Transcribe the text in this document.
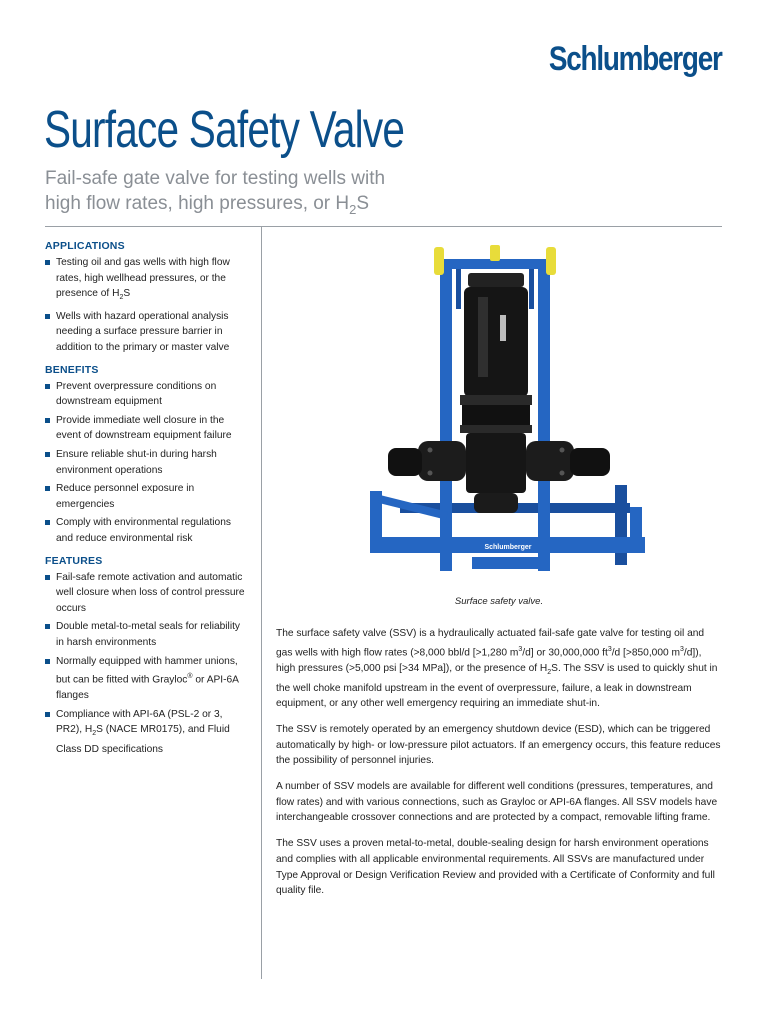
Schlumberger
Surface Safety Valve

Fail-safe gate valve for testing wells with
high flow rates, high pressures, or $H_2S$

APPLICATIONS
Testing oil and gas wells with high flow rates, high wellhead pressures, or the presence of $H_2S$
Wells with hazard operational analysis needing a surface pressure barrier in addition to the primary or master valve
BENEFITS
Prevent overpressure conditions on downstream equipment
Provide immediate well closure in the event of downstream equipment failure
Ensure reliable shut-in during harsh environment operations
Reduce personnel exposure in emergencies
Comply with environmental regulations and reduce environmental risk
FEATURES
Fail-safe remote activation and automatic well closure when loss of control pressure occurs
Double metal-to-metal seals for reliability in harsh environments
Normally equipped with hammer unions, but can be fitted with Grayloc® or API-6A flanges
Compliance with API-6A (PSL-2 or 3, PR2), $H_2S$ (NACE MR0175), and Fluid Class DD specifications
Schlumberger
Surface safety valve.

The surface safety valve (SSV) is a hydraulically actuated fail-safe gate valve for testing oil and gas wells with high flow rates (>8,000 bbl/d [>1,280 $m^3/d$] or 30,000,000 $ft^3/d$ [>850,000 $m^3/d$]), high pressures (>5,000 psi [>34 MPa]), or the presence of $H_2S$. The SSV is used to quickly shut in the well choke manifold upstream in the event of overpressure, failure, a leak in downstream equipment, or any other well emergency requiring an immediate shut-in.

The SSV is remotely operated by an emergency shutdown device (ESD), which can be triggered automatically by high- or low-pressure pilot actuators. If an emergency occurs, this feature reduces the possibility of personnel injuries.

A number of SSV models are available for different well conditions (pressures, temperatures, and flow rates) and with various connections, such as Grayloc or API-6A flanges. All SSV models have interchangeable crossover connections and are protected by a compact, removable lifting frame.

The SSV uses a proven metal-to-metal, double-sealing design for harsh environment operations and complies with all applicable environmental requirements. All SSVs are manufactured under Type Approval or Design Verification Review and provided with a Certificate of Conformity and full quality file.
